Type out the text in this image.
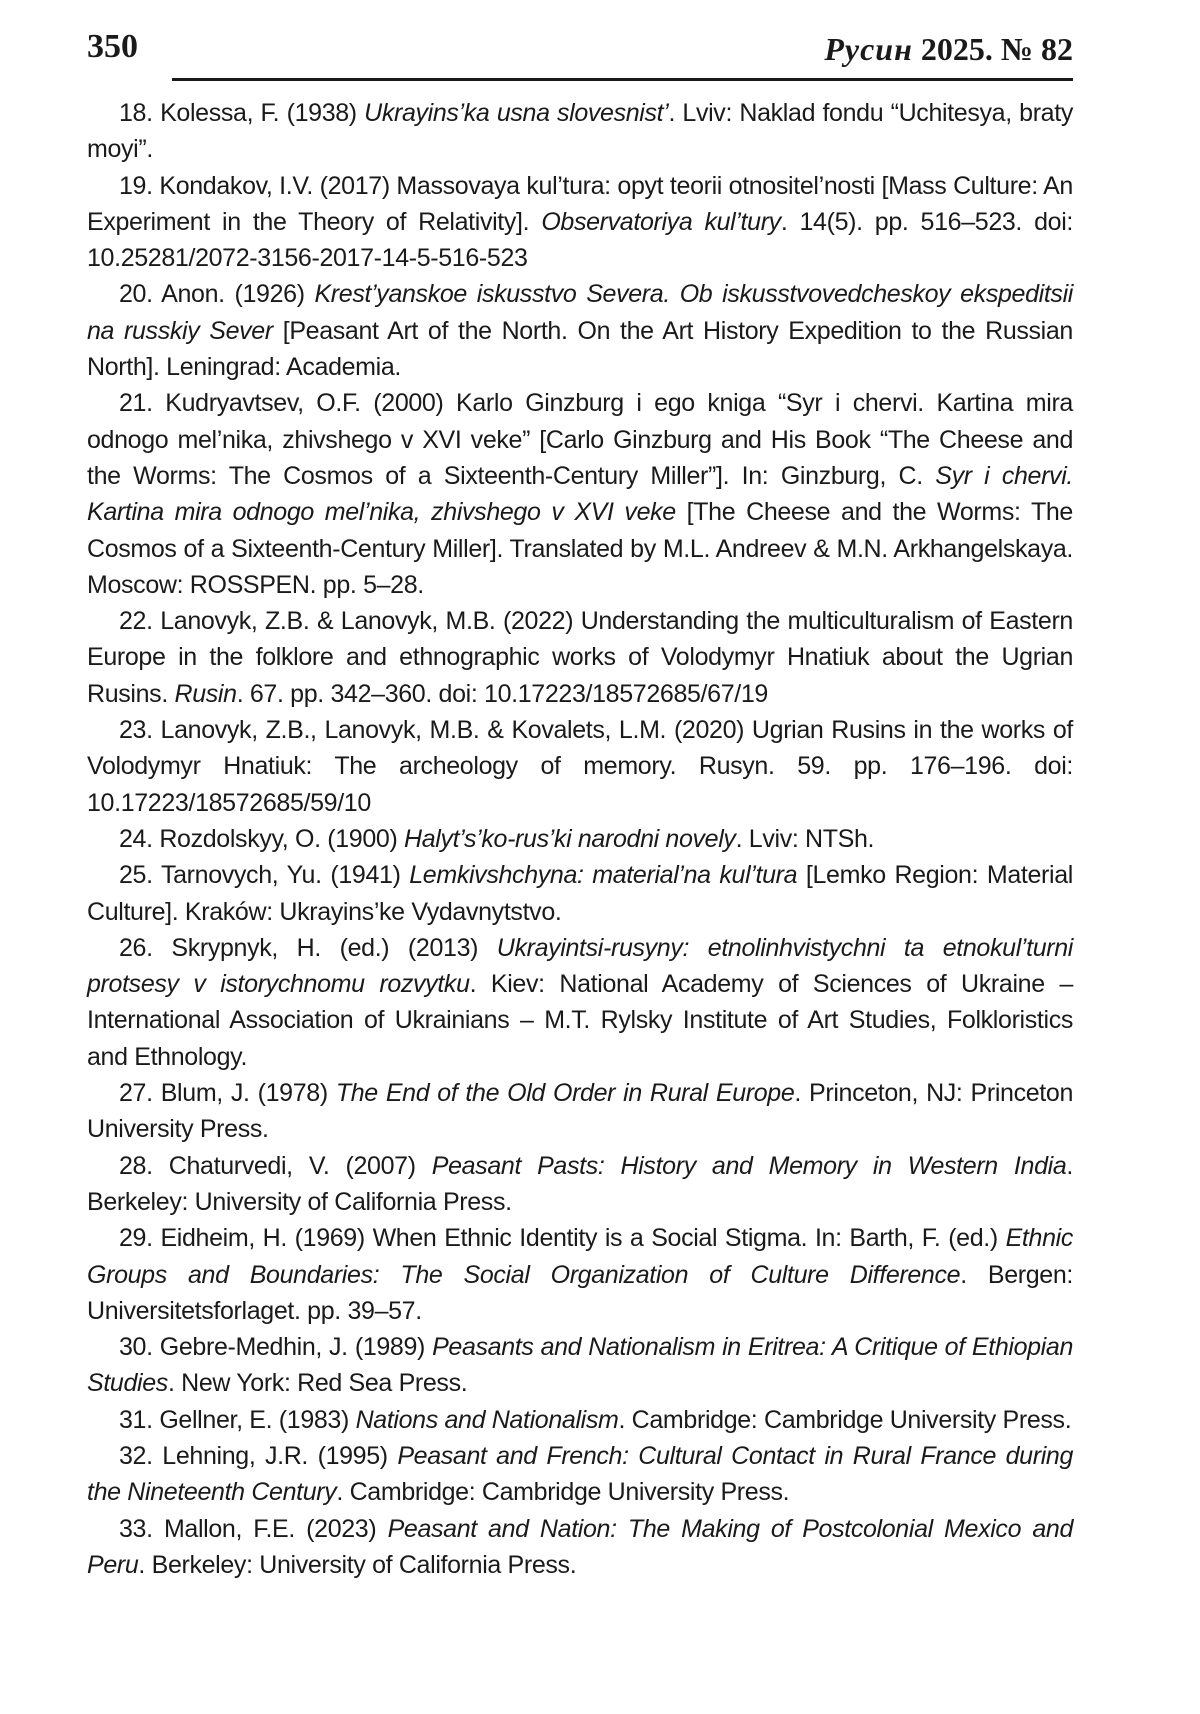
350	Русин 2025. № 82

18. Kolessa, F. (1938) Ukrayins’ka usna slovesnist’. Lviv: Naklad fondu “Uchitesya, braty moyi”.

19. Kondakov, I.V. (2017) Massovaya kul’tura: opyt teorii otnositel’nosti [Mass Culture: An Experiment in the Theory of Relativity]. Observatoriya kul’tury. 14(5). pp. 516–523. doi: 10.25281/2072-3156-2017-14-5-516-523

20. Anon. (1926) Krest’yanskoe iskusstvo Severa. Ob iskusstvovedcheskoy ekspeditsii na russkiy Sever [Peasant Art of the North. On the Art History Expedition to the Russian North]. Leningrad: Academia.

21. Kudryavtsev, O.F. (2000) Karlo Ginzburg i ego kniga “Syr i chervi. Kartina mira odnogo mel’nika, zhivshego v XVI veke” [Carlo Ginzburg and His Book “The Cheese and the Worms: The Cosmos of a Sixteenth-Century Miller”]. In: Ginzburg, C. Syr i chervi. Kartina mira odnogo mel’nika, zhivshego v XVI veke [The Cheese and the Worms: The Cosmos of a Sixteenth-Century Miller]. Translated by M.L. Andreev & M.N. Arkhangelskaya. Moscow: ROSSPEN. pp. 5–28.

22. Lanovyk, Z.B. & Lanovyk, M.B. (2022) Understanding the multiculturalism of Eastern Europe in the folklore and ethnographic works of Volodymyr Hnatiuk about the Ugrian Rusins. Rusin. 67. pp. 342–360. doi: 10.17223/18572685/67/19

23. Lanovyk, Z.B., Lanovyk, M.B. & Kovalets, L.M. (2020) Ugrian Rusins in the works of Volodymyr Hnatiuk: The archeology of memory. Rusyn. 59. pp. 176–196. doi: 10.17223/18572685/59/10

24. Rozdolskyy, O. (1900) Halyt’s’ko-rus’ki narodni novely. Lviv: NTSh.

25. Tarnovych, Yu. (1941) Lemkivshchyna: material’na kul’tura [Lemko Region: Material Culture]. Kraków: Ukrayins’ke Vydavnytstvo.

26. Skrypnyk, H. (ed.) (2013) Ukrayintsi-rusyny: etnolinhvistychni ta etnokul’turni protsesy v istorychnomu rozvytku. Kiev: National Academy of Sciences of Ukraine – International Association of Ukrainians – M.T. Rylsky Institute of Art Studies, Folkloristics and Ethnology.

27. Blum, J. (1978) The End of the Old Order in Rural Europe. Princeton, NJ: Princeton University Press.

28. Chaturvedi, V. (2007) Peasant Pasts: History and Memory in Western India. Berkeley: University of California Press.

29. Eidheim, H. (1969) When Ethnic Identity is a Social Stigma. In: Barth, F. (ed.) Ethnic Groups and Boundaries: The Social Organization of Culture Difference. Bergen: Universitetsforlaget. pp. 39–57.

30. Gebre-Medhin, J. (1989) Peasants and Nationalism in Eritrea: A Critique of Ethiopian Studies. New York: Red Sea Press.

31. Gellner, E. (1983) Nations and Nationalism. Cambridge: Cambridge University Press.

32. Lehning, J.R. (1995) Peasant and French: Cultural Contact in Rural France during the Nineteenth Century. Cambridge: Cambridge University Press.

33. Mallon, F.E. (2023) Peasant and Nation: The Making of Postcolonial Mexico and Peru. Berkeley: University of California Press.
